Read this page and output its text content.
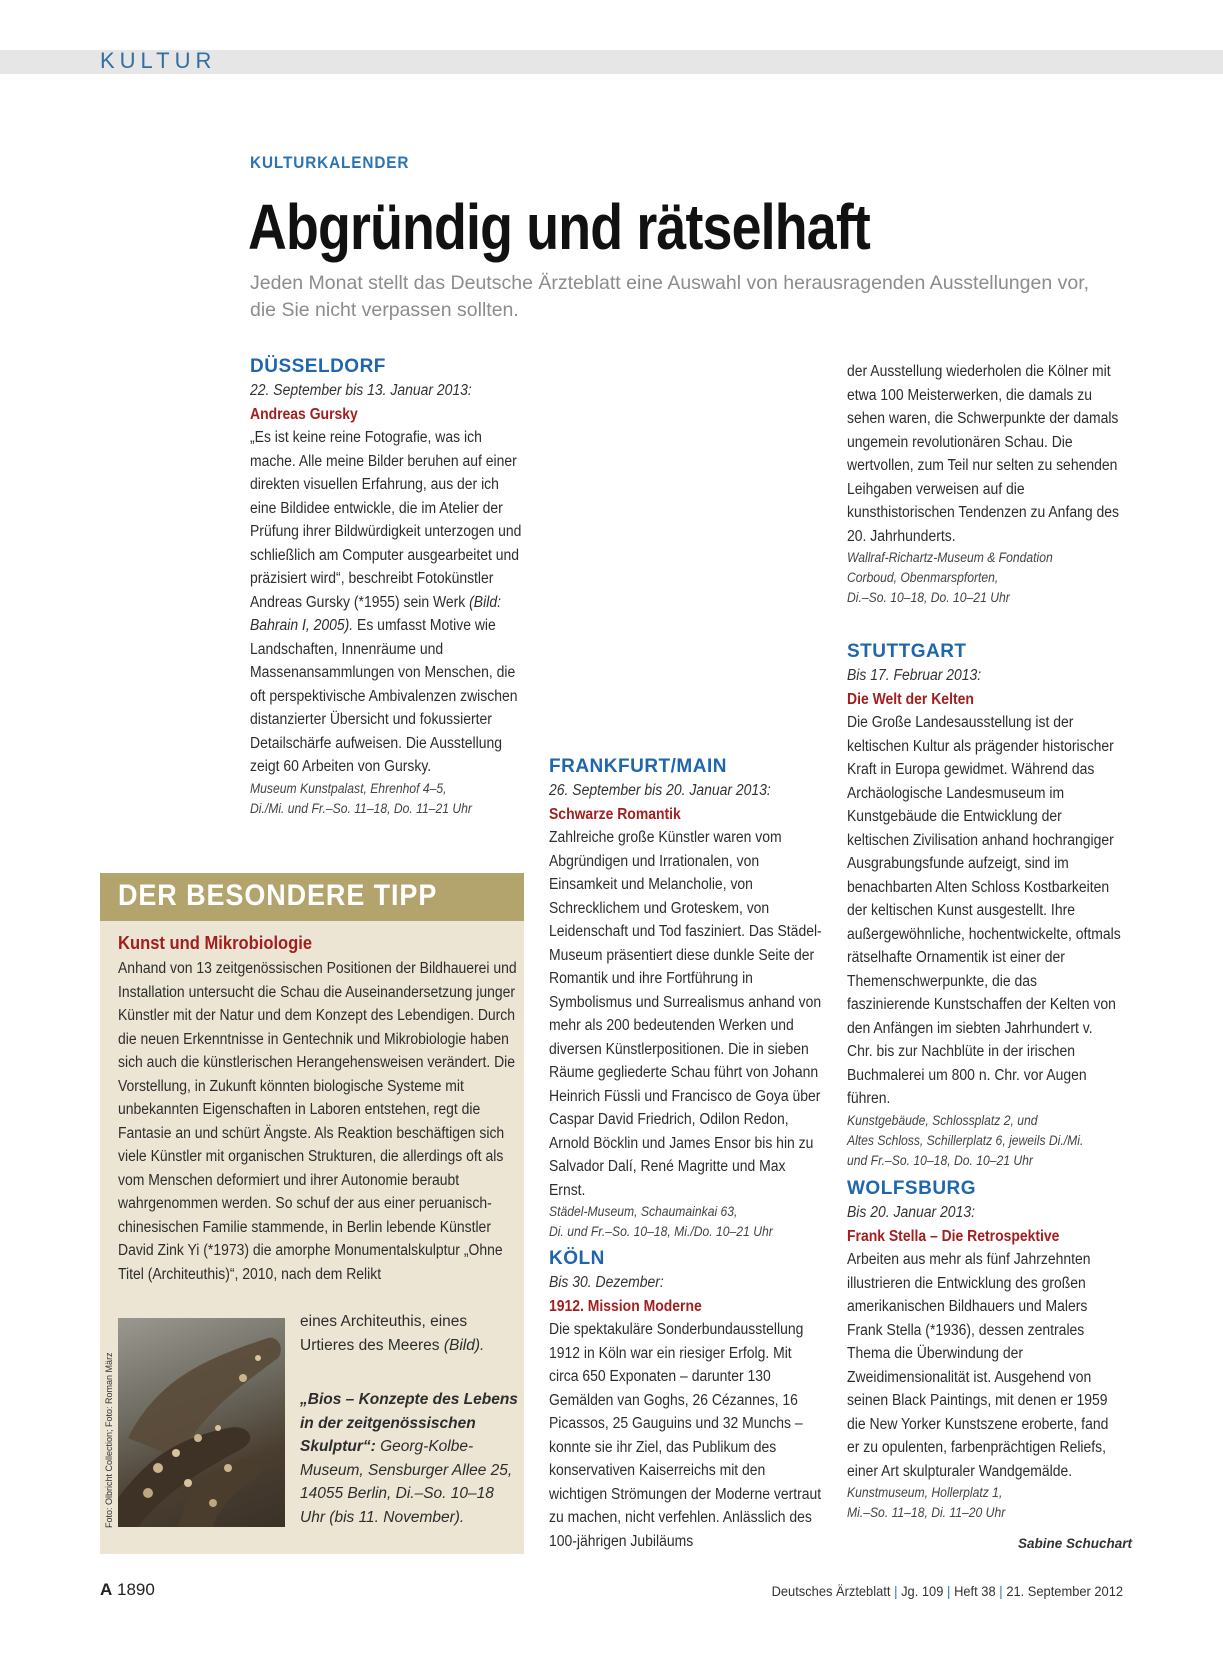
KULTUR
KULTURKALENDER
Abgründig und rätselhaft
Jeden Monat stellt das Deutsche Ärzteblatt eine Auswahl von herausragenden Ausstellungen vor, die Sie nicht verpassen sollten.
DÜSSELDORF
22. September bis 13. Januar 2013:
Andreas Gursky
„Es ist keine reine Fotografie, was ich mache. Alle meine Bilder beruhen auf einer direkten visuellen Erfahrung, aus der ich eine Bildidee entwickle, die im Atelier der Prüfung ihrer Bildwürdigkeit unterzogen und schließlich am Computer ausgearbeitet und präzisiert wird“, beschreibt Fotokünstler Andreas Gursky (*1955) sein Werk (Bild: Bahrain I, 2005). Es umfasst Motive wie Landschaften, Innenräume und Massenansammlungen von Menschen, die oft perspektivische Ambivalenzen zwischen distanzierter Übersicht und fokussierter Detailschärfe aufweisen. Die Ausstellung zeigt 60 Arbeiten von Gursky.
Museum Kunstpalast, Ehrenhof 4–5,
Di./Mi. und Fr.–So. 11–18, Do. 11–21 Uhr
FRANKFURT/MAIN
26. September bis 20. Januar 2013:
Schwarze Romantik
Zahlreiche große Künstler waren vom Abgründigen und Irrationalen, von Einsamkeit und Melancholie, von Schrecklichem und Groteskem, von Leidenschaft und Tod fasziniert. Das Städel-Museum präsentiert diese dunkle Seite der Romantik und ihre Fortführung in Symbolismus und Surrealismus anhand von mehr als 200 bedeutenden Werken und diversen Künstlerpositionen. Die in sieben Räume gegliederte Schau führt von Johann Heinrich Füssli und Francisco de Goya über Caspar David Friedrich, Odilon Redon, Arnold Böcklin und James Ensor bis hin zu Salvador Dalí, René Magritte und Max Ernst.
Städel-Museum, Schaumainkai 63,
Di. und Fr.–So. 10–18, Mi./Do. 10–21 Uhr
KÖLN
Bis 30. Dezember:
1912. Mission Moderne
Die spektakuläre Sonderbundausstellung 1912 in Köln war ein riesiger Erfolg. Mit circa 650 Exponaten – darunter 130 Gemälden van Goghs, 26 Cézannes, 16 Picassos, 25 Gauguins und 32 Munchs – konnte sie ihr Ziel, das Publikum des konservativen Kaiserreichs mit den wichtigen Strömungen der Moderne vertraut zu machen, nicht verfehlen. Anlässlich des 100-jährigen Jubiläums
der Ausstellung wiederholen die Kölner mit etwa 100 Meisterwerken, die damals zu sehen waren, die Schwerpunkte der damals ungemein revolutionären Schau. Die wertvollen, zum Teil nur selten zu sehenden Leihgaben verweisen auf die kunsthistorischen Tendenzen zu Anfang des 20. Jahrhunderts.
Wallraf-Richartz-Museum & Fondation
Corboud, Obenmarspforten,
Di.–So. 10–18, Do. 10–21 Uhr
STUTTGART
Bis 17. Februar 2013:
Die Welt der Kelten
Die Große Landesausstellung ist der keltischen Kultur als prägender historischer Kraft in Europa gewidmet. Während das Archäologische Landesmuseum im Kunstgebäude die Entwicklung der keltischen Zivilisation anhand hochrangiger Ausgrabungsfunde aufzeigt, sind im benachbarten Alten Schloss Kostbarkeiten der keltischen Kunst ausgestellt. Ihre außergewöhnliche, hochentwickelte, oftmals rätselhafte Ornamentik ist einer der Themenschwerpunkte, die das faszinierende Kunstschaffen der Kelten von den Anfängen im siebten Jahrhundert v. Chr. bis zur Nachblüte in der irischen Buchmalerei um 800 n. Chr. vor Augen führen.
Kunstgebäude, Schlossplatz 2, und
Altes Schloss, Schillerplatz 6, jeweils Di./Mi.
und Fr.–So. 10–18, Do. 10–21 Uhr
WOLFSBURG
Bis 20. Januar 2013:
Frank Stella – Die Retrospektive
Arbeiten aus mehr als fünf Jahrzehnten illustrieren die Entwicklung des großen amerikanischen Bildhauers und Malers Frank Stella (*1936), dessen zentrales Thema die Überwindung der Zweidimensionalität ist. Ausgehend von seinen Black Paintings, mit denen er 1959 die New Yorker Kunstszene eroberte, fand er zu opulenten, farbenprächtigen Reliefs, einer Art skulpturaler Wandgemälde.
Kunstmuseum, Hollerplatz 1,
Mi.–So. 11–18, Di. 11–20 Uhr
DER BESONDERE TIPP
Kunst und Mikrobiologie
Anhand von 13 zeitgenössischen Positionen der Bildhauerei und Installation untersucht die Schau die Auseinandersetzung junger Künstler mit der Natur und dem Konzept des Lebendigen. Durch die neuen Erkenntnisse in Gentechnik und Mikrobiologie haben sich auch die künstlerischen Herangehensweisen verändert. Die Vorstellung, in Zukunft könnten biologische Systeme mit unbekannten Eigenschaften in Laboren entstehen, regt die Fantasie an und schürt Ängste. Als Reaktion beschäftigen sich viele Künstler mit organischen Strukturen, die allerdings oft als vom Menschen deformiert und ihrer Autonomie beraubt wahrgenommen werden. So schuf der aus einer peruanisch-chinesischen Familie stammende, in Berlin lebende Künstler David Zink Yi (*1973) die amorphe Monumentalskulptur „Ohne Titel (Architeuthis)“, 2010, nach dem Relikt
Foto: Olbricht Collection; Foto: Roman März
eines Architeuthis, eines Urtieres des Meeres (Bild).
„Bios – Konzepte des Lebens in der zeitgenössischen Skulptur“: Georg-Kolbe-Museum, Sensburger Allee 25, 14055 Berlin, Di.–So. 10–18 Uhr (bis 11. November).
Sabine Schuchart
A 1890	Deutsches Ärzteblatt | Jg. 109 | Heft 38 | 21. September 2012
